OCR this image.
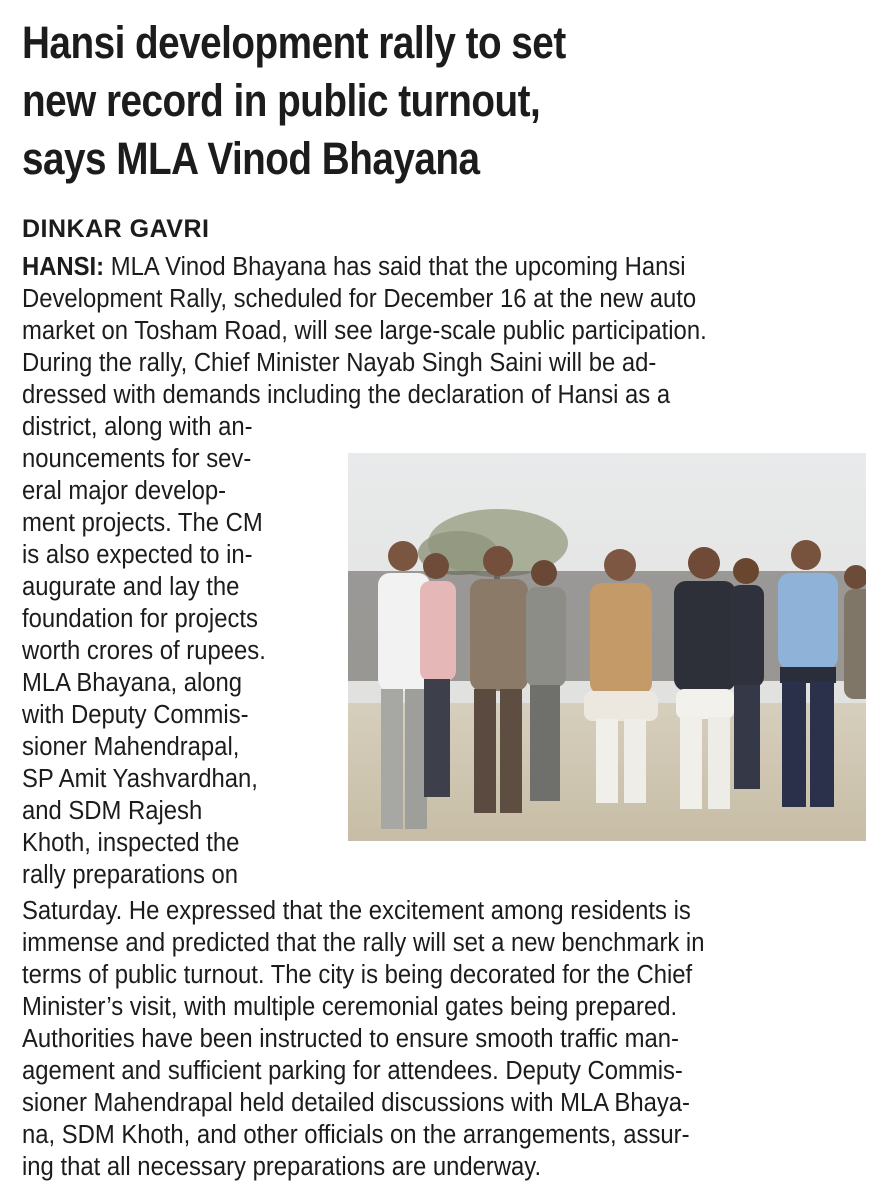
Hansi development rally to set
new record in public turnout,
says MLA Vinod Bhayana

DINKAR GAVRI

HANSI: MLA Vinod Bhayana has said that the upcoming Hansi

Development Rally, scheduled for December 16 at the new auto

market on Tosham Road, will see large-scale public participation.

During the rally, Chief Minister Nayab Singh Saini will be ad-

dressed with demands including the declaration of Hansi as a

district, along with an-

nouncements for sev-

eral major develop-

ment projects. The CM

is also expected to in-

augurate and lay the

foundation for projects

worth crores of rupees.

MLA Bhayana, along

with Deputy Commis-

sioner Mahendrapal,

SP Amit Yashvardhan,

and SDM Rajesh

Khoth, inspected the

rally preparations on

Saturday. He expressed that the excitement among residents is

immense and predicted that the rally will set a new benchmark in

terms of public turnout. The city is being decorated for the Chief

Minister’s visit, with multiple ceremonial gates being prepared.

Authorities have been instructed to ensure smooth traffic man-

agement and sufficient parking for attendees. Deputy Commis-

sioner Mahendrapal held detailed discussions with MLA Bhaya-

na, SDM Khoth, and other officials on the arrangements, assur-

ing that all necessary preparations are underway.
